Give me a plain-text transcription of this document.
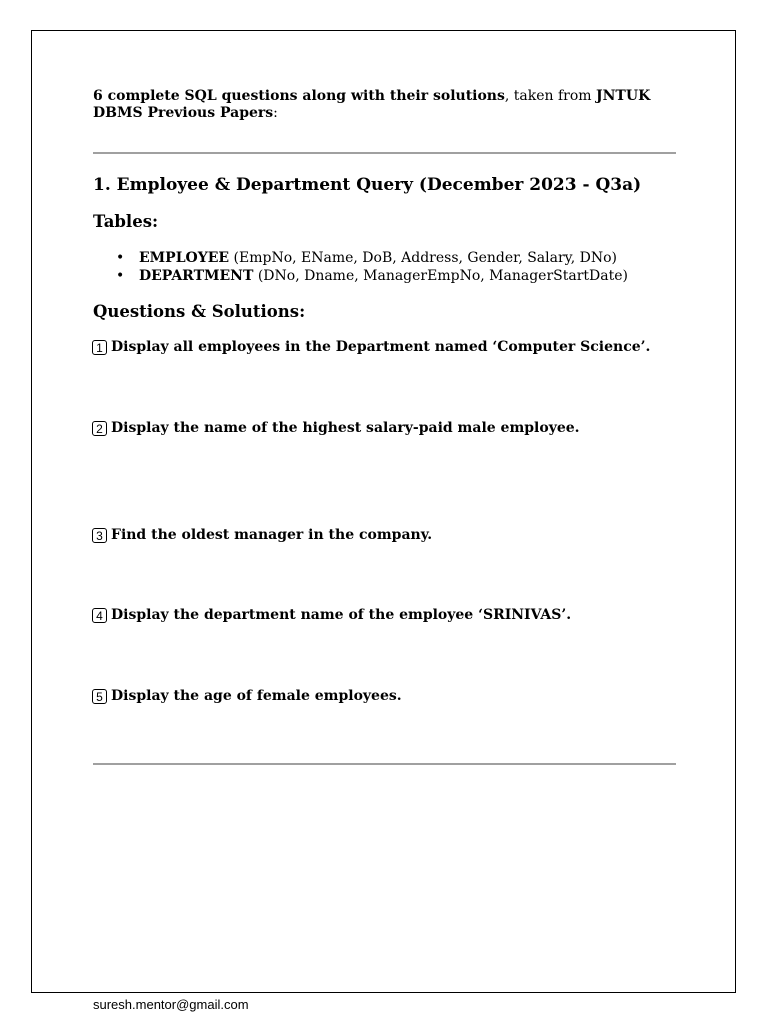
6 complete SQL questions along with their solutions, taken from JNTUK DBMS Previous Papers:

1. Employee & Department Query (December 2023 - Q3a)
Tables:
• EMPLOYEE (EmpNo, EName, DoB, Address, Gender, Salary, DNo)
• DEPARTMENT (DNo, Dname, ManagerEmpNo, ManagerStartDate)
Questions & Solutions:
1 Display all employees in the Department named ‘Computer Science’.
2 Display the name of the highest salary-paid male employee.
3 Find the oldest manager in the company.
4 Display the department name of the employee ‘SRINIVAS’.
5 Display the age of female employees.
suresh.mentor@gmail.com
